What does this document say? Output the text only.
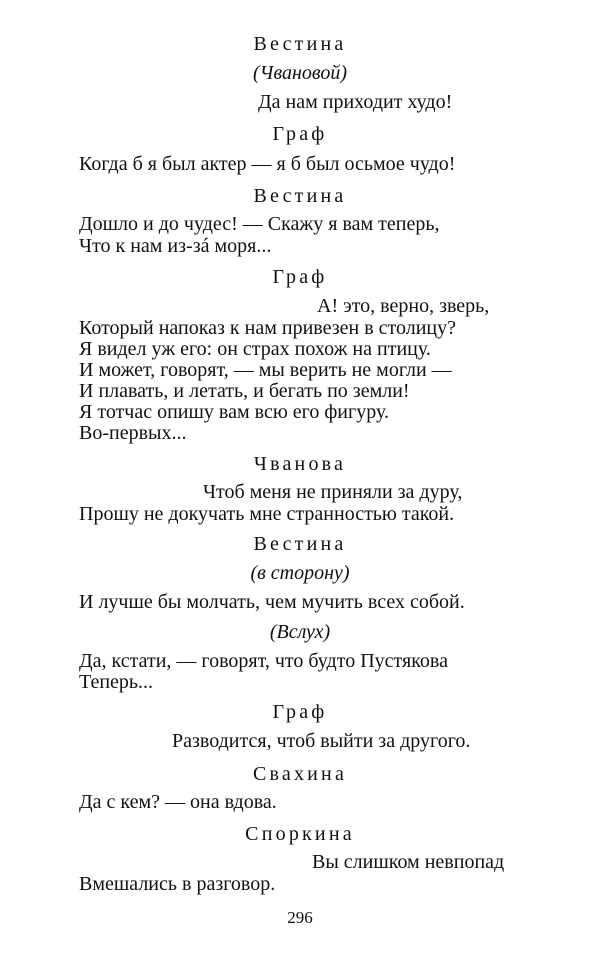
Вестина
(Чвановой)
Да нам приходит худо!
Граф
Когда б я был актер — я б был осьмое чудо!
Вестина
Дошло и до чудес! — Скажу я вам теперь,
Что к нам из-зá моря...
Граф
А! это, верно, зверь,
Который напоказ к нам привезен в столицу?
Я видел уж его: он страх похож на птицу.
И может, говорят, — мы верить не могли —
И плавать, и летать, и бегать по земли!
Я тотчас опишу вам всю его фигуру.
Во-первых...
Чванова
Чтоб меня не приняли за дуру,
Прошу не докучать мне странностью такой.
Вестина
(в сторону)
И лучше бы молчать, чем мучить всех собой.
(Вслух)
Да, кстати, — говорят, что будто Пустякова
Теперь...
Граф
Разводится, чтоб выйти за другого.
Свахина
Да с кем? — она вдова.
Споркина
Вы слишком невпопад
Вмешались в разговор.
296
